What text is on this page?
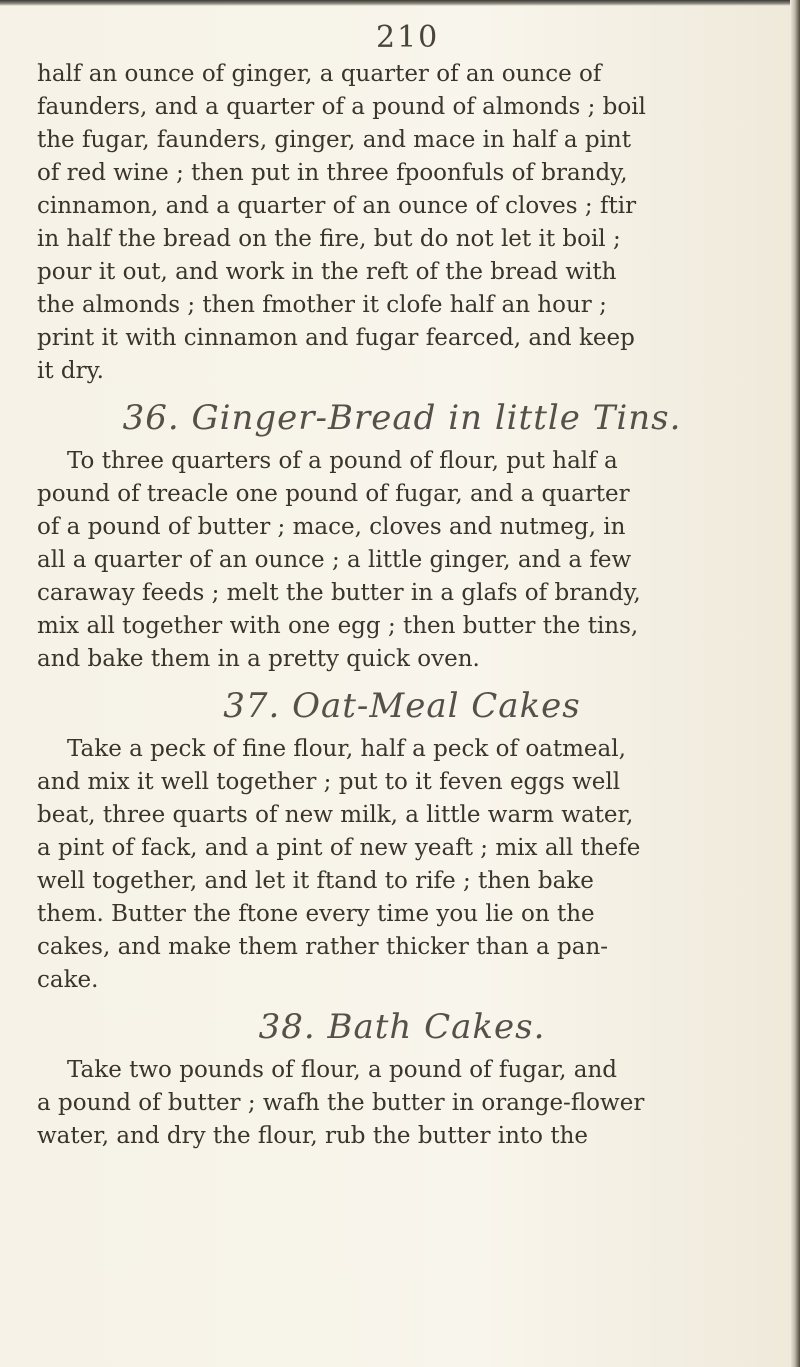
210

half an ounce of ginger, a quarter of an ounce of
faunders, and a quarter of a pound of almonds ; boil
the fugar, faunders, ginger, and mace in half a pint
of red wine ; then put in three fpoonfuls of brandy,
cinnamon, and a quarter of an ounce of cloves ; ftir
in half the bread on the fire, but do not let it boil ;
pour it out, and work in the reft of the bread with
the almonds ; then fmother it clofe half an hour ;
print it with cinnamon and fugar fearced, and keep
it dry.

36. Ginger-Bread in little Tins.

To three quarters of a pound of flour, put half a
pound of treacle one pound of fugar, and a quarter
of a pound of butter ; mace, cloves and nutmeg, in
all a quarter of an ounce ; a little ginger, and a few
caraway feeds ; melt the butter in a glafs of brandy,
mix all together with one egg ; then butter the tins,
and bake them in a pretty quick oven.

37. Oat-Meal Cakes

Take a peck of fine flour, half a peck of oatmeal,
and mix it well together ; put to it feven eggs well
beat, three quarts of new milk, a little warm water,
a pint of fack, and a pint of new yeaft ; mix all thefe
well together, and let it ftand to rife ; then bake
them. Butter the ftone every time you lie on the
cakes, and make them rather thicker than a pan-
cake.

38. Bath Cakes.

Take two pounds of flour, a pound of fugar, and
a pound of butter ; wafh the butter in orange-flower
water, and dry the flour, rub the butter into the
